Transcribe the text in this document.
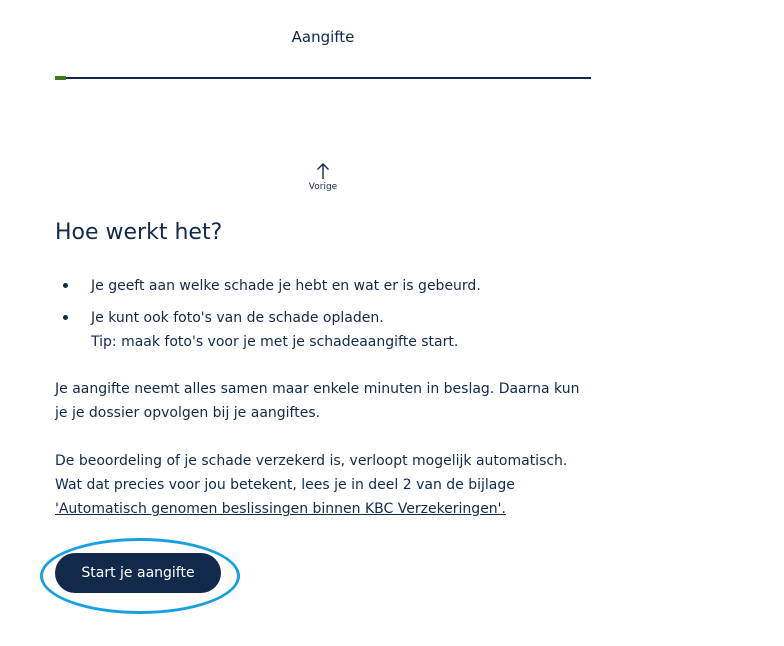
Aangifte
Vorige
Hoe werkt het?
Je geeft aan welke schade je hebt en wat er is gebeurd.
Je kunt ook foto's van de schade opladen.
Tip: maak foto's voor je met je schadeaangifte start.

Je aangifte neemt alles samen maar enkele minuten in beslag. Daarna kun je je dossier opvolgen bij je aangiftes.

De beoordeling of je schade verzekerd is, verloopt mogelijk automatisch. Wat dat precies voor jou betekent, lees je in deel 2 van de bijlage 'Automatisch genomen beslissingen binnen KBC Verzekeringen'.

Start je aangifte
